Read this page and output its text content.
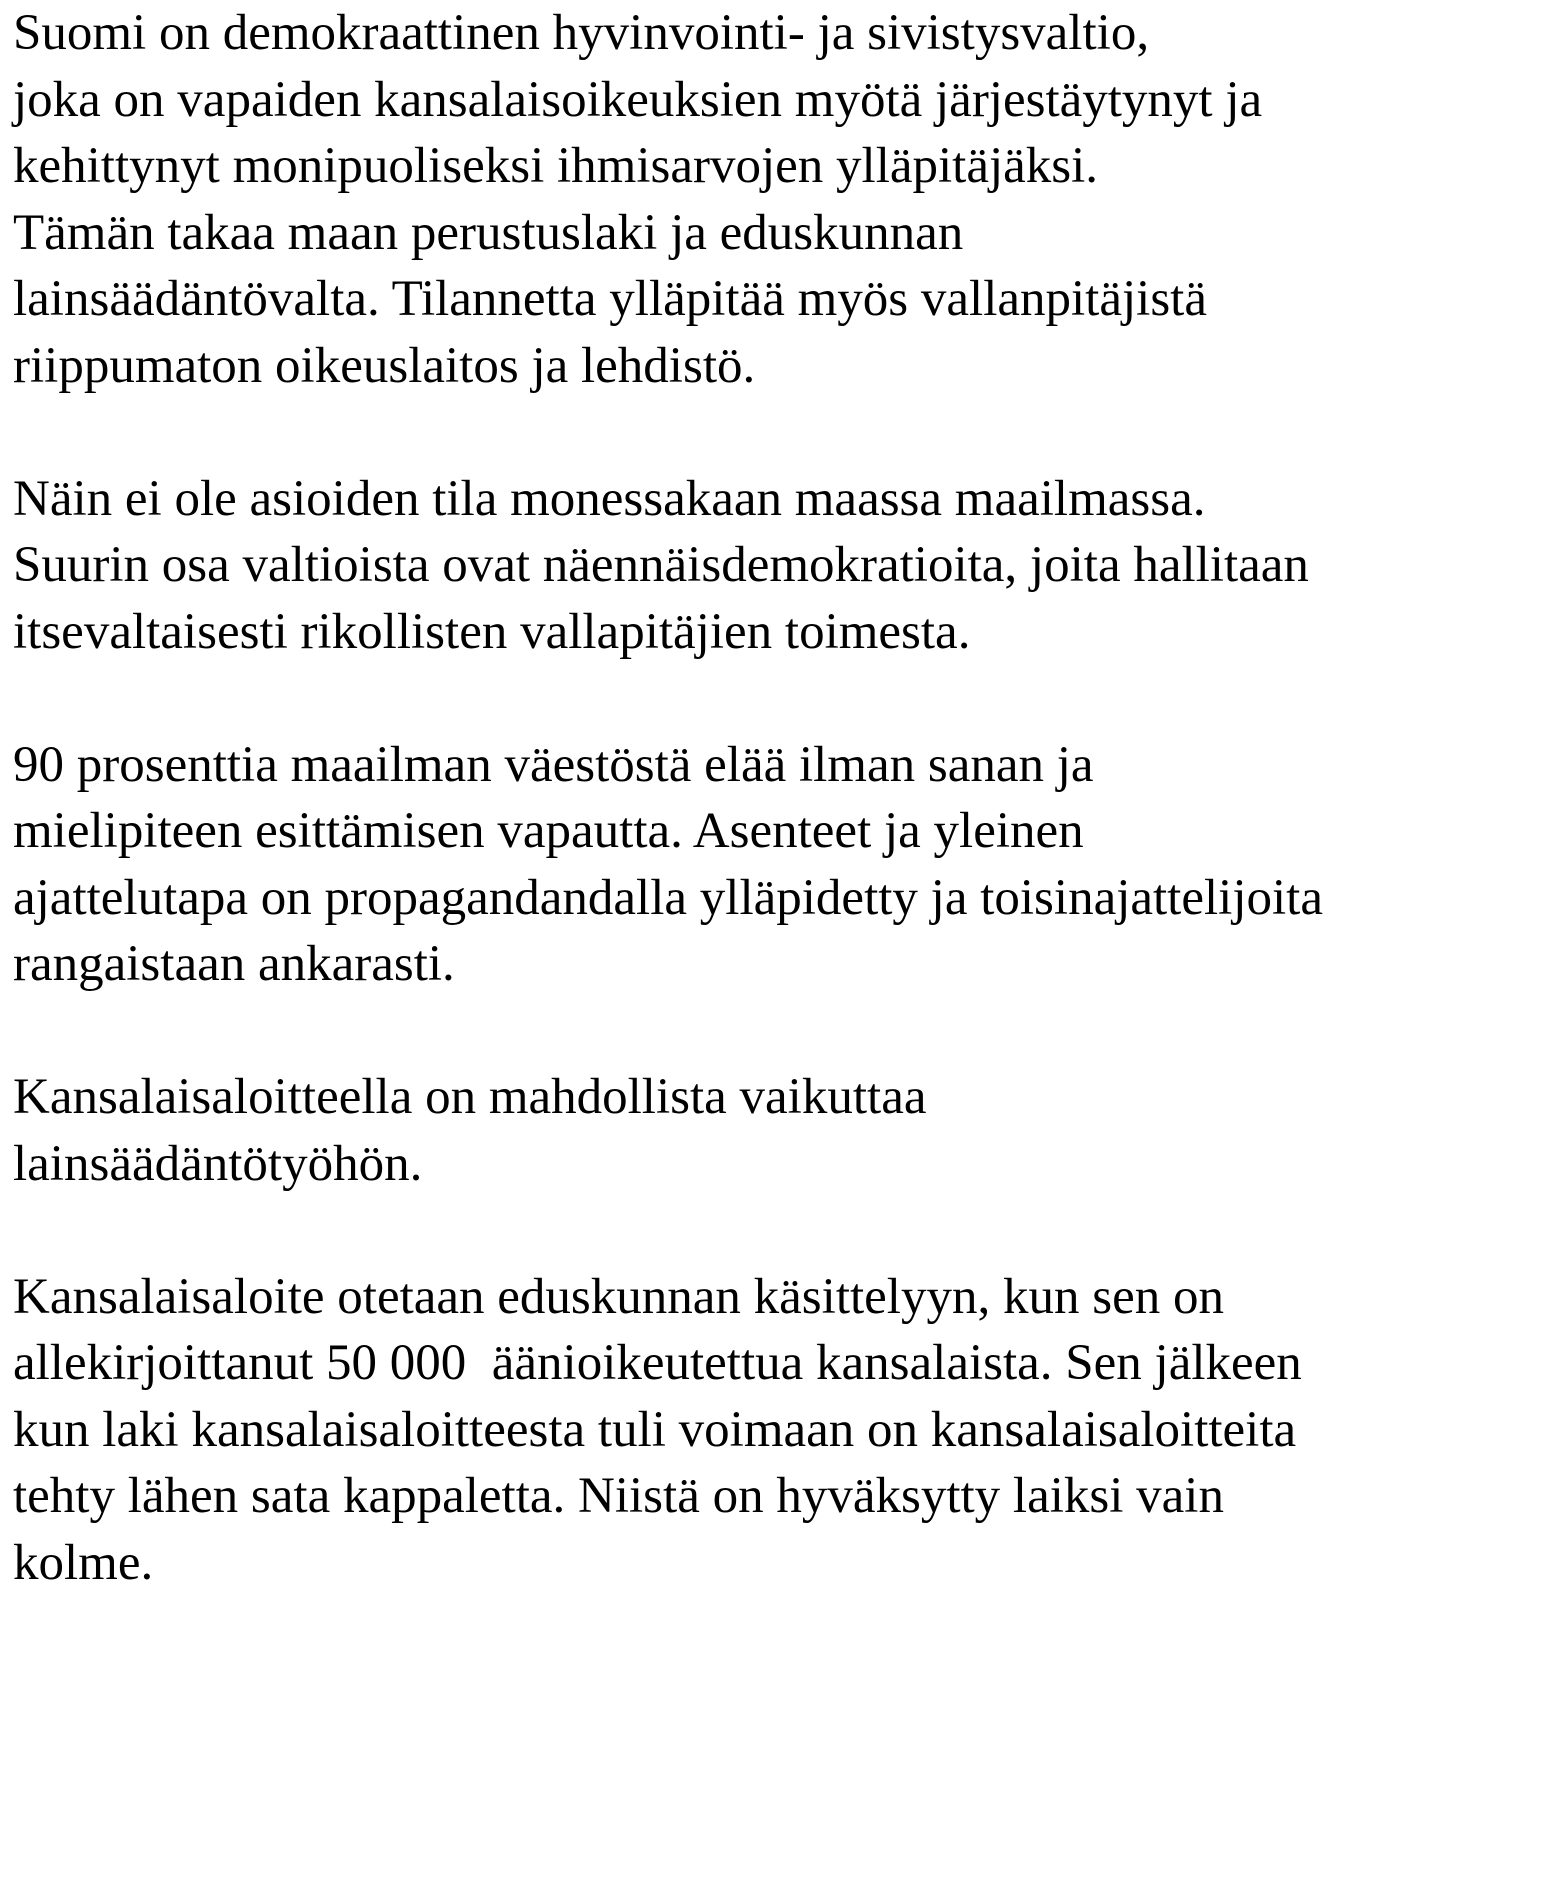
Suomi on demokraattinen hyvinvointi- ja sivistysvaltio,
joka on vapaiden kansalaisoikeuksien myötä järjestäytynyt ja
kehittynyt monipuoliseksi ihmisarvojen ylläpitäjäksi.
Tämän takaa maan perustuslaki ja eduskunnan
lainsäädäntövalta. Tilannetta ylläpitää myös vallanpitäjistä
riippumaton oikeuslaitos ja lehdistö.
Näin ei ole asioiden tila monessakaan maassa maailmassa.
Suurin osa valtioista ovat näennäisdemokratioita, joita hallitaan
itsevaltaisesti rikollisten vallapitäjien toimesta.
90 prosenttia maailman väestöstä elää ilman sanan ja
mielipiteen esittämisen vapautta. Asenteet ja yleinen
ajattelutapa on propagandandalla ylläpidetty ja toisinajattelijoita
rangaistaan ankarasti.
Kansalaisaloitteella on mahdollista vaikuttaa
lainsäädäntötyöhön.
Kansalaisaloite otetaan eduskunnan käsittelyyn, kun sen on
allekirjoittanut 50 000  äänioikeutettua kansalaista. Sen jälkeen
kun laki kansalaisaloitteesta tuli voimaan on kansalaisaloitteita
tehty lähen sata kappaletta. Niistä on hyväksytty laiksi vain
kolme.
